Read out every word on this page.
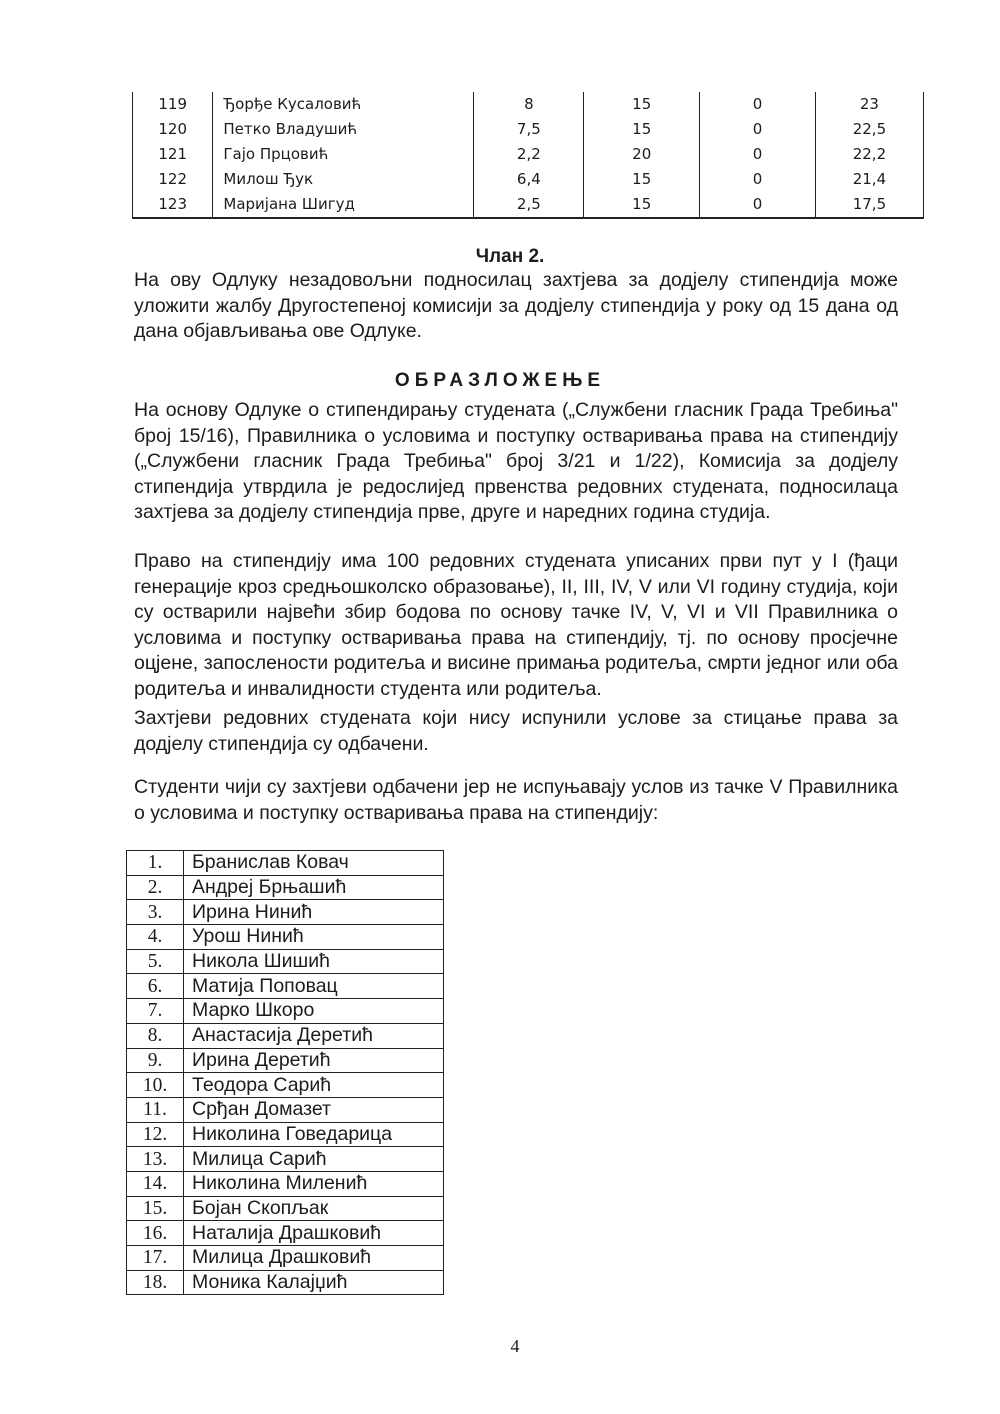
119	Ђорђе Кусаловић	8	15	0	23
120	Петко Владушић	7,5	15	0	22,5
121	Гајо Прцовић	2,2	20	0	22,2
122	Милош Ђук	6,4	15	0	21,4
123	Маријана Шигуд	2,5	15	0	17,5
Члан 2.

На ову Одлуку незадовољни подносилац захтјева за додјелу стипендија може уложити жалбу Другостепеној комисији за додјелу стипендија у року од 15 дана од дана објављивања ове Одлуке.

ОБРАЗЛОЖЕЊЕ

На основу Одлуке о стипендирању студената („Службени гласник Града Требиња" број 15/16), Правилника о условима и поступку остваривања права на стипендију („Службени гласник Града Требиња" број 3/21 и 1/22), Комисија за додјелу стипендија утврдила је редослијед првенства редовних студената, подносилаца захтјева за додјелу стипендија прве, друге и наредних година студија.

Право на стипендију има 100 редовних студената уписаних први пут у I (ђаци генерације кроз средњошколско образовање), II, III, IV, V или VI годину студија, који су остварили највећи збир бодова по основу тачке IV, V, VI и VII Правилника о условима и поступку остваривања права на стипендију, тј. по основу просјечне оцјене, запослености родитеља и висине примања родитеља, смрти једног или оба родитеља и инвалидности студента или родитеља.

Захтјеви редовних студената који нису испунили услове за стицање права за додјелу стипендија су одбачени.

Студенти чији су захтјеви одбачени јер не испуњавају услов из тачке V Правилника о условима и поступку остваривања права на стипендију:

1.	Бранислав Ковач
2.	Андреј Брњашић
3.	Ирина Нинић
4.	Урош Нинић
5.	Никола Шишић
6.	Матија Поповац
7.	Марко Шкоро
8.	Анастасија Деретић
9.	Ирина Деретић
10.	Теодора Сарић
11.	Срђан Домазет
12.	Николина Говедарица
13.	Милица Сарић
14.	Николина Миленић
15.	Бојан Скопљак
16.	Наталија Драшковић
17.	Милица Драшковић
18.	Моника Калајџић
4
